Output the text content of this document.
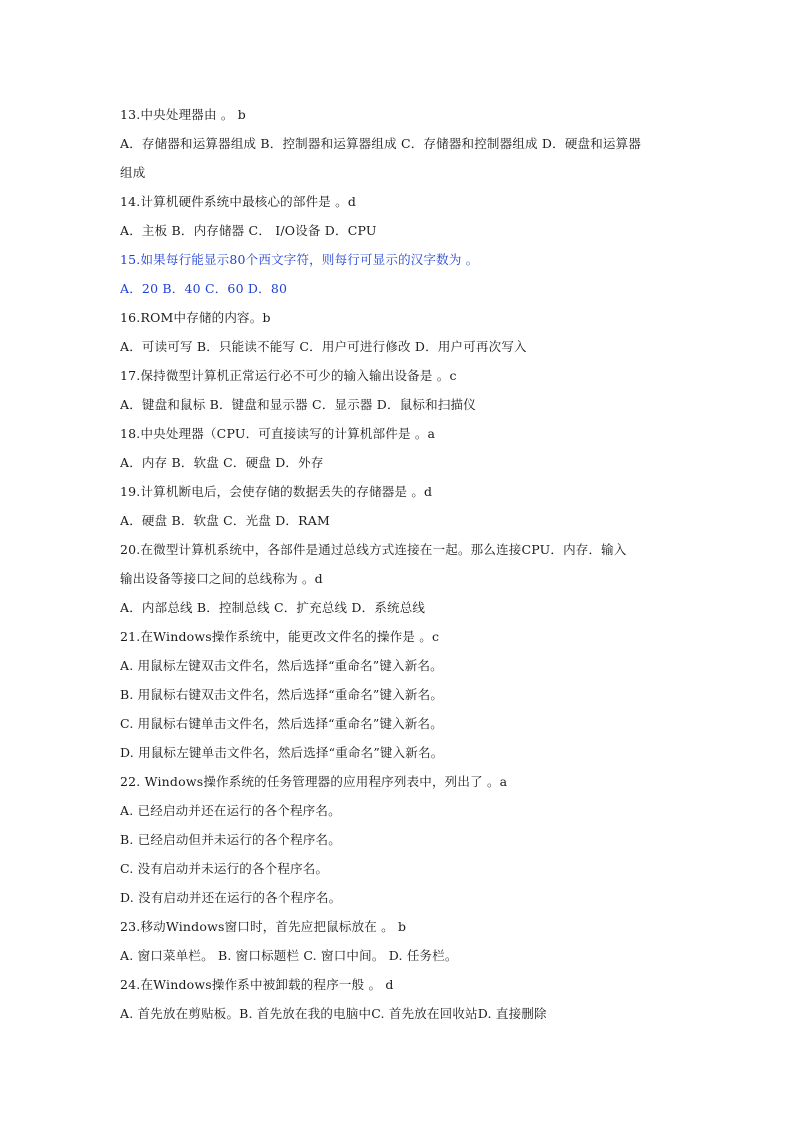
13.中央处理器由 。 b
A．存储器和运算器组成 B．控制器和运算器组成 C．存储器和控制器组成 D．硬盘和运算器
组成
14.计算机硬件系统中最核心的部件是 。d
A．主板 B．内存储器 C． I/O设备 D．CPU
15.如果每行能显示80个西文字符，则每行可显示的汉字数为 。
A．20 B．40 C．60 D．80
16.ROM中存储的内容。b
A．可读可写 B．只能读不能写 C．用户可进行修改 D．用户可再次写入
17.保持微型计算机正常运行必不可少的输入输出设备是 。c
A．键盘和鼠标 B．键盘和显示器 C．显示器 D．鼠标和扫描仪
18.中央处理器（CPU．可直接读写的计算机部件是 。a
A．内存 B．软盘 C．硬盘 D．外存
19.计算机断电后，会使存储的数据丢失的存储器是 。d
A．硬盘 B．软盘 C．光盘 D．RAM
20.在微型计算机系统中，各部件是通过总线方式连接在一起。那么连接CPU．内存．输入
输出设备等接口之间的总线称为 。d
A．内部总线 B．控制总线 C．扩充总线 D．系统总线
21.在Windows操作系统中，能更改文件名的操作是 。c
A. 用鼠标左键双击文件名，然后选择“重命名”键入新名。
B. 用鼠标右键双击文件名，然后选择“重命名”键入新名。
C. 用鼠标右键单击文件名，然后选择“重命名”键入新名。
D. 用鼠标左键单击文件名，然后选择“重命名”键入新名。
22. Windows操作系统的任务管理器的应用程序列表中，列出了 。a
A. 已经启动并还在运行的各个程序名。
B. 已经启动但并未运行的各个程序名。
C. 没有启动并未运行的各个程序名。
D. 没有启动并还在运行的各个程序名。
23.移动Windows窗口时，首先应把鼠标放在 。 b
A. 窗口菜单栏。 B. 窗口标题栏 C. 窗口中间。 D. 任务栏。
24.在Windows操作系中被卸载的程序一般 。 d
A. 首先放在剪贴板。B. 首先放在我的电脑中C. 首先放在回收站D. 直接删除
